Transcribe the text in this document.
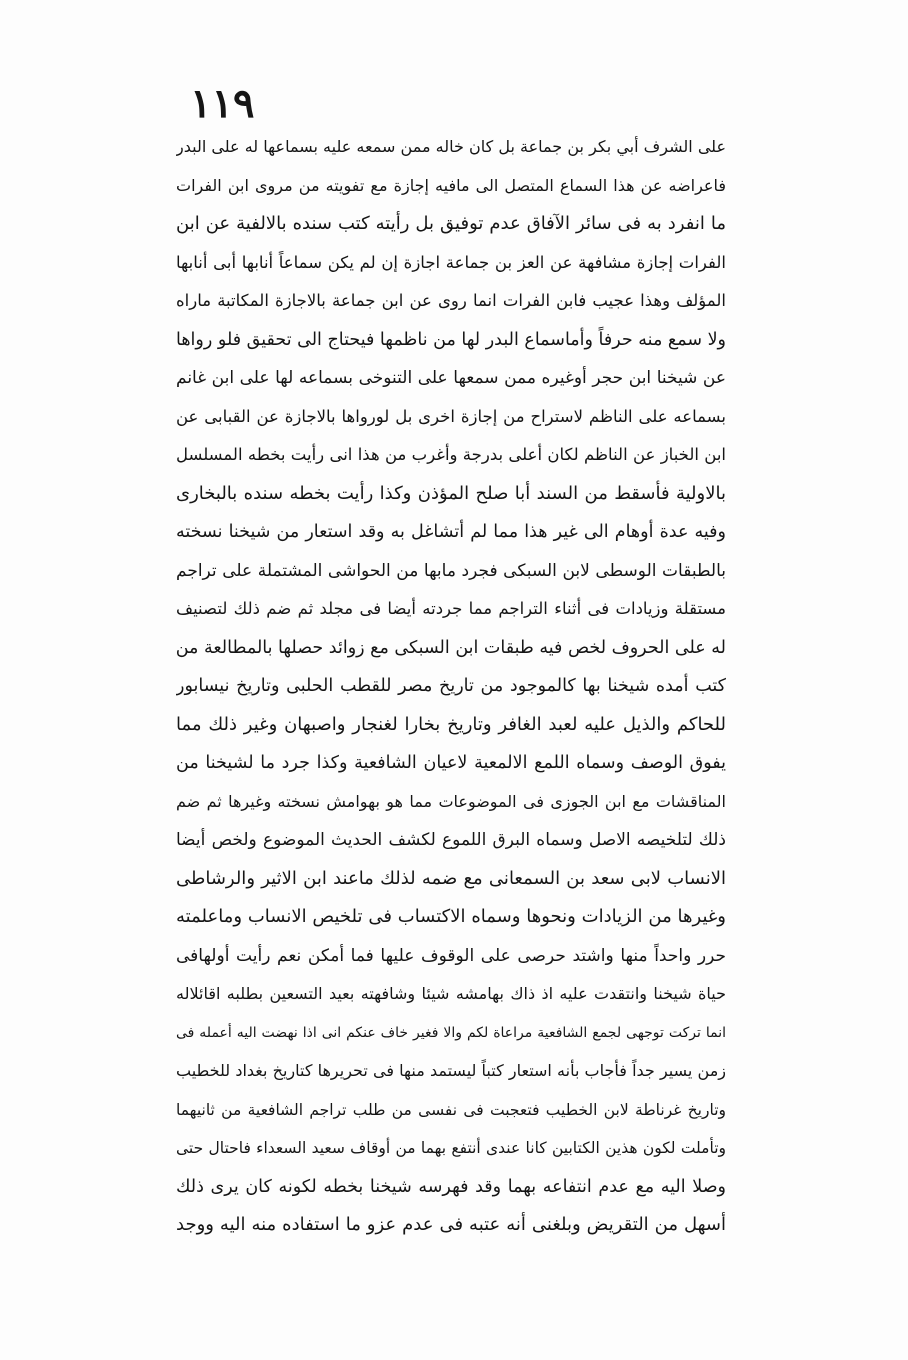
١١٩
على الشرف أبي بكر بن جماعة بل كان خاله ممن سمعه عليه بسماعها له على البدر
فاعراضه عن هذا السماع المتصل الى مافيه إجازة مع تفويته من مروى ابن الفرات
ما انفرد به فى سائر الآفاق عدم توفيق بل رأيته كتب سنده بالالفية عن ابن
الفرات إجازة مشافهة عن العز بن جماعة اجازة إن لم يكن سماعاً أنابها أبى أنابها
المؤلف وهذا عجيب فابن الفرات انما روى عن ابن جماعة بالاجازة المكاتبة ماراه
ولا سمع منه حرفاً وأماسماع البدر لها من ناظمها فيحتاج الى تحقيق فلو رواها
عن شيخنا ابن حجر أوغيره ممن سمعها على التنوخى بسماعه لها على ابن غانم
بسماعه على الناظم لاستراح من إجازة اخرى بل لورواها بالاجازة عن القبابى عن
ابن الخباز عن الناظم لكان أعلى بدرجة وأغرب من هذا انى رأيت بخطه المسلسل
بالاولية فأسقط من السند أبا صلح المؤذن وكذا رأيت بخطه سنده بالبخارى
وفيه عدة أوهام الى غير هذا مما لم أتشاغل به وقد استعار من شيخنا نسخته
بالطبقات الوسطى لابن السبكى فجرد مابها من الحواشى المشتملة على تراجم
مستقلة وزيادات فى أثناء التراجم مما جردته أيضا فى مجلد ثم ضم ذلك لتصنيف
له على الحروف لخص فيه طبقات ابن السبكى مع زوائد حصلها بالمطالعة من
كتب أمده شيخنا بها كالموجود من تاريخ مصر للقطب الحلبى وتاريخ نيسابور
للحاكم والذيل عليه لعبد الغافر وتاريخ بخارا لغنجار واصبهان وغير ذلك مما
يفوق الوصف وسماه اللمع الالمعية لاعيان الشافعية وكذا جرد ما لشيخنا من
المناقشات مع ابن الجوزى فى الموضوعات مما هو بهوامش نسخته وغيرها ثم ضم
ذلك لتلخيصه الاصل وسماه البرق اللموع لكشف الحديث الموضوع ولخص أيضا
الانساب لابى سعد بن السمعانى مع ضمه لذلك ماعند ابن الاثير والرشاطى
وغيرها من الزيادات ونحوها وسماه الاكتساب فى تلخيص الانساب وماعلمته
حرر واحداً منها واشتد حرصى على الوقوف عليها فما أمكن نعم رأيت أولهافى
حياة شيخنا وانتقدت عليه اذ ذاك بهامشه شيئا وشافهته بعيد التسعين بطلبه اقائلاله
انما تركت توجهى لجمع الشافعية مراعاة لكم والا فغير خاف عنكم انى اذا نهضت اليه أعمله فى
زمن يسير جداً فأجاب بأنه استعار كتباً ليستمد منها فى تحريرها كتاريخ بغداد للخطيب
وتاريخ غرناطة لابن الخطيب فتعجبت فى نفسى من طلب تراجم الشافعية من ثانيهما
وتأملت لكون هذين الكتابين كانا عندى أنتفع بهما من أوقاف سعيد السعداء فاحتال حتى
وصلا اليه مع عدم انتفاعه بهما وقد فهرسه شيخنا بخطه لكونه كان يرى ذلك
أسهل من التقريض وبلغنى أنه عتبه فى عدم عزو ما استفاده منه اليه ووجد
